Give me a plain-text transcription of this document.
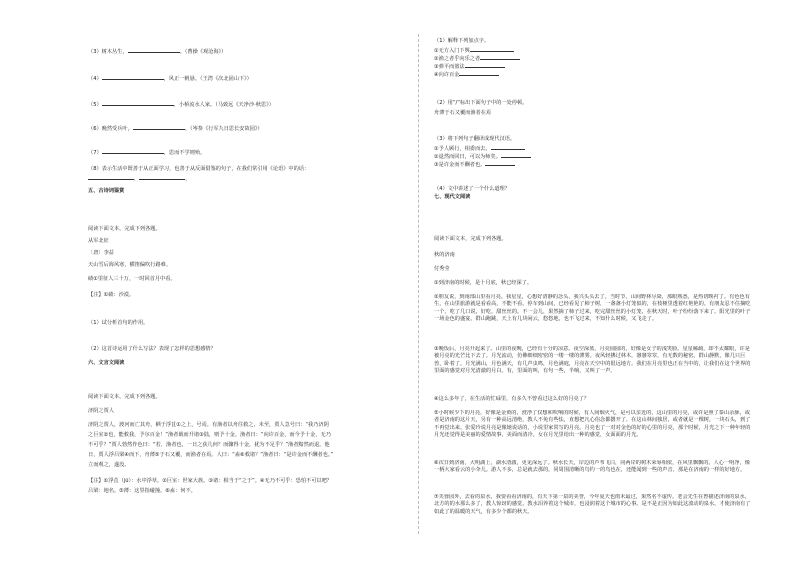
（3）树木丛生，	。（曹操《观沧海》）
（4）	，风正一帆悬。（王湾《次北固山下》）
（5）	，小桥流水人家。（马致远《天净沙·秋思》）
（6）晚然受兵叶，	。（岑参《行军九日思长安故园》）
（7）	，思而不学则殆。
（8）表示生活中既善于从正面学习，也善于从反面借鉴的句子，在我们常引用《论语》中的话：
，	。
五、古诗词鉴赏
阅读下面文本，完成下列各题。
从军北征
〔唐〕李益
天山雪后海风寒，横笛偏吹行路难。
碛①里征人三十万，一时回首月中看。
【注】①碛：沙漠。
（1）试分析首句的作用。
（2）这首诗运用了什么写法？表现了怎样的思想感情？
六、文言文阅读
阅读下面文本，完成下列各题。
济阴之贾人
济阴之贾人，渡河而亡其舟，栖于浮苴①之上，号焉。有渔者以舟往救之，未至，贾人急号曰：“我乃济阴
之巨室②也，能救我，予尔百金！”渔者载而升诸③陆，则予十金。渔者曰：“向许百金，而今予十金，无乃
不可乎？”贾人勃然作色曰：“若，渔者也，一日之获几何？而骤得十金，犹为不足乎？”渔者黯然而退。他
日，贾人浮吕梁④而下，舟薄⑤于石又覆，而渔者在焉。人曰：“盍⑥救诸？”渔者曰：“是许金而不酬者也。”
立而观之，遂没。
【注】①浮苴（jū）：水中浮草。②巨室：世家大族。③诸：相当于“之于”。④无乃不可乎：恐怕不可以吧？
吕梁：地名。⑤薄：这里指碰撞。⑥盍：何不。
（1）解释下列加点字。
①无方入门下舆
②渔之者乎向乐之者
③弹平而篮法
④向许百金
（2）用“/”标出下面句子中的一处停顿。
舟薄于石又覆而渔者在焉
（3）将下列句子翻译成现代汉语。
①予人顾行，相委而去。
②退然而回曰，可以为师矣。
③是许金而不酬者也。
（4）文中讲述了一个什么道理？
七、现代文阅读
阅读下面文本，完成下列各题。
秋的济南
付秀莹
①到济南的时候，是十月底，秋已经深了。
②朋友说，到南部山里看月亮。我星星，心想好清静的念头，我兴头头去了。当时节，山间野林尽染，那眼熟悉，是热切映衬了。有色色有生，在山里旅游就是看看高，不能不看。停车到山间，已经看见了柿子树，一盏盏小灯笼似的，在枝桠里透着红艳艳的。有朋友忍不住摘吃一个，吃了几口说，好吃，甜丝丝的。不一会儿，果然摘了柿子过来，吃完甜丝丝的小灯笼，在秋天时，叶子纷纷落下来了。阳光里的叶子一场金色的盛宴。群山跑跳，天上有几块闲云，悠悠地，也不飞过来，不知什么时候，又飞走了。
③晚饭后，月亮升起来了。山里的夜晚，已经有十分的凉意。夜空深蓝，月亮圆圆的，好像是女子的浅笑脸。星星稀疏，却不太耀眼，许是被月亮的光芒比下去了。月光流动，仿佛细细密密的一缕一缕的薄雾。夜风轻拂过林木，窸窸窣窣，有无数的秘密。群山静默，像几只巨兽，卧着了。月光满山，月色满天，有几声虫鸣，月色满庭，月亮在天空中的很远地方。我们在月亮里也正在当中的，让我们在这个世界的里面的感觉对月光清澈的月白。有，里面的叫，有句一些，半晌，又叫了一声。
④这么多年了，在生活的忙碌里，有多久不曾看过这么好的月亮了？
⑤小时候少下的月亮，好像是金黄的，澄净了仅想和吹响的时候，有人间烟火气，是可以亲近的，这山里的月亮，或许是照了泰山余脉，或者是济南的这片天，另有一种高远清绝，教人不免有些怯，直想把凡心俗念都撂开了，在这山林间独居，或者就是一棵树，一块石头，到了不再觉出来。张爱玲说月亮是像她说话的，小说里家常写的月亮。月亮也了一对对金色的好的心里的月亮，那个时候，月光之下一种年轻的月光还觉得是美丽的爱情故事，美面而清冷。女在月光里给出一种的感觉，女面面的月光。
⑥次日到济南，大明湖上，湖水清澈，更见深远了。秋水长天，岸边的芦苇飞白，同两岸的树木荣辱相依，在风里飘飘的。人心一明净，像一柄大家看云的小伞儿。游人不多，总是就去那的，同周围清晰的鸟钓一的鸟也在，还能闻到一些的声音，那是在济南的一样的好地方。
⑦芙蓉园外，去看的泉水，我要看看济南的，有天下第一泉的美誉，今年夏天也雨未最过，果然名不虚传。老会先生在曾描述济南的泉水，北方的的水那么多了，教人惊讶的感觉。教水泪养着这个城市，也浸润着这个城市的心事。是不是正因为如此这波动的泉水，才使济南有了如此了的温暖的天气，有多少个都的秋天。
